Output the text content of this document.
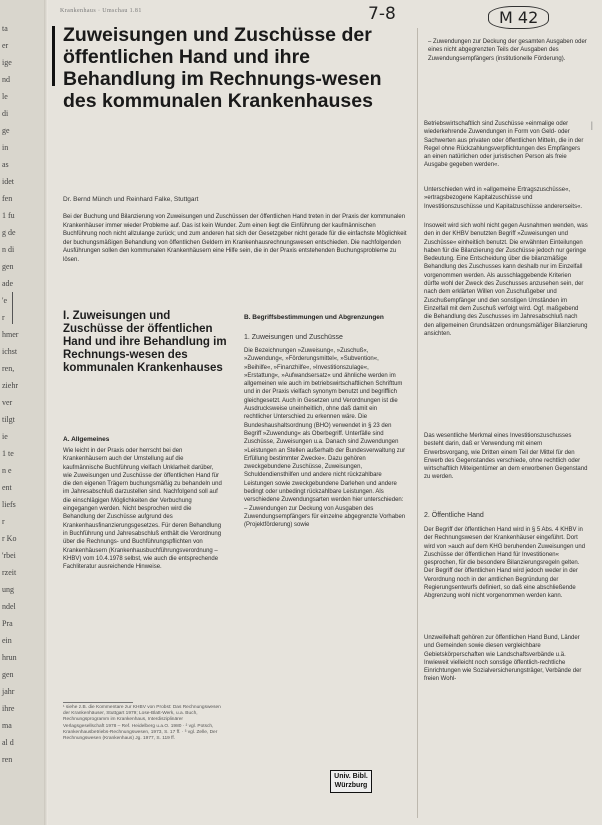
ta
er
ige
nd
le
di
ge
in
as
idet
fen
1 fu
g de
n di
gen
ade
'e
r
hmer
ichst
ren,
ziehr
ver
tilgt
ie
1 te
n e
ent
liefs
r
r Ko
'rbei
rzeit
ung
ndel
Pra
ein
hrun
gen
jahr
ihre
ma
al d
ren
Krankenhaus · Umschau 1.81	7-8	M 42
Zuweisungen und Zuschüsse der öffentlichen Hand und ihre Behandlung im Rechnungs-wesen des kommunalen Krankenhauses
Dr. Bernd Münch und Reinhard Falke, Stuttgart

Bei der Buchung und Bilanzierung von Zuweisungen und Zuschüssen der öffentlichen Hand treten in der Praxis der kommunalen Krankenhäuser immer wieder Probleme auf. Das ist kein Wunder. Zum einen liegt die Einführung der kaufmännischen Buchführung noch nicht allzulange zurück; und zum anderen hat sich der Gesetzgeber nicht gerade für die einfachste Möglichkeit der buchungsmäßigen Behandlung von öffentlichen Geldern im Krankenhausrechnungswesen entschieden. Die nachfolgenden Ausführungen sollen den kommunalen Krankenhäusern eine Hilfe sein, die in der Praxis entstehenden Buchungsprobleme zu lösen.

I. Zuweisungen und Zuschüsse der öffentlichen Hand und ihre Behandlung im Rechnungs-wesen des kommunalen Krankenhauses
A. Allgemeines

Wie leicht in der Praxis oder herrscht bei den Krankenhäusern auch der Umstellung auf die kaufmännische Buchführung vielfach Unklarheit darüber, wie Zuweisungen und Zuschüsse der öffentlichen Hand für die den eigenen Trägern buchungsmäßig zu behandeln und im Jahresabschluß darzustellen sind. Nachfolgend soll auf die einschlägigen Möglichkeiten der Verbuchung eingegangen werden. Nicht besprochen wird die Behandlung der Zuschüsse aufgrund des Krankenhausfinanzierungsgesetzes. Für deren Behandlung in Buchführung und Jahresabschluß enthält die Verordnung über die Rechnungs- und Buchführungspflichten von Krankenhäusern (Krankenhausbuchführungsverordnung – KHBV) vom 10.4.1978 selbst, wie auch die entsprechende Fachliteratur ausreichende Hinweise.

¹ siehe z.B. die Kommentare zur KHBV von Probst: Das Rechnungswesen der Krankenhäuser, Stuttgart 1979; Lose-Blatt-Werk, u.a. Buch, Rechnungsprogramm im Krankenhaus, Interdisziplinärer Verlagsgesellschaft 1978 – Ref. Heidelberg u.a.O. 1980 · ² vgl. Potsch, Krankenhausbetriebs-Rechnungswesen, 1973, S. 17 ff. · ³ vgl. Zelle, Der Rechnungswesen (Krankenhaus) Jg. 1977, S. 119 ff.

B. Begriffsbestimmungen und Abgrenzungen
1. Zuweisungen und Zuschüsse

Die Bezeichnungen »Zuweisung«, »Zuschuß«, »Zuwendung«, »Förderungsmittel«, »Subvention«, »Beihilfe«, »Finanzhilfe«, »Investitionszulage«, »Erstattung«, »Aufwandsersatz« und ähnliche werden im allgemeinen wie auch im betriebswirtschaftlichen Schrifttum und in der Praxis vielfach synonym benutzt und begrifflich gleichgesetzt. Auch in Gesetzen und Verordnungen ist die Ausdrucksweise uneinheitlich, ohne daß damit ein rechtlicher Unterschied zu erkennen wäre. Die Bundeshaushaltsordnung (BHO) verwendet in § 23 den Begriff »Zuwendung« als Oberbegriff. Unterfälle sind Zuschüsse, Zuweisungen u.a. Danach sind Zuwendungen »Leistungen an Stellen außerhalb der Bundesverwaltung zur Erfüllung bestimmter Zwecke«. Dazu gehören zweckgebundene Zuschüsse, Zuweisungen, Schuldendiensthilfen und andere nicht rückzahlbare Leistungen sowie zweckgebundene Darlehen und andere bedingt oder unbedingt rückzahlbare Leistungen. Als verschiedene Zuwendungsarten werden hier unterschieden: – Zuwendungen zur Deckung von Ausgaben des Zuwendungsempfängers für einzelne abgegrenzte Vorhaben (Projektförderung) sowie

Univ. Bibl.
Würzburg

– Zuwendungen zur Deckung der gesamten Ausgaben oder eines nicht abgegrenzten Teils der Ausgaben des Zuwendungsempfängers (institutionelle Förderung).

Betriebswirtschaftlich sind Zuschüsse »einmalige oder wiederkehrende Zuwendungen in Form von Geld- oder Sachwerten aus privaten oder öffentlichen Mitteln, die in der Regel ohne Rückzahlungsverpflichtungen des Empfängers an einen natürlichen oder juristischen Person als freie Ausgabe gegeben werden«.

Unterschieden wird in »allgemeine Ertragszuschüsse«, »ertragsbezogene Kapitalzuschüsse und Investitionszuschüsse und Kapitalzuschüsse andererseits«.

Insoweit wird sich wohl nicht gegen Ausnahmen wenden, was den in der KHBV benutzten Begriff »Zuweisungen und Zuschüsse« einheitlich benutzt. Die erwähnten Einteilungen haben für die Bilanzierung der Zuschüsse jedoch nur geringe Bedeutung. Eine Entscheidung über die bilanzmäßige Behandlung des Zuschusses kann deshalb nur im Einzelfall vorgenommen werden. Als ausschlaggebende Kriterien dürfte wohl der Zweck des Zuschusses anzusehen sein, der nach dem erklärten Willen von Zuschußgeber und Zuschußempfänger und den sonstigen Umständen im Einzelfall mit dem Zuschuß verfolgt wird. Ogf. maßgebend die Behandlung des Zuschusses im Jahresabschluß nach den allgemeinen Grundsätzen ordnungsmäßiger Bilanzierung ansichten.

Das wesentliche Merkmal eines Investitionszuschusses besteht darin, daß er Verwendung mit einem Erwerbsvorgang, wie Dritten einem Teil der Mittel für den Erwerb des Gegenstandes verschiede, ohne rechtlich oder wirtschaftlich Miteigentümer an dem erworbenen Gegenstand zu werden.

2. Öffentliche Hand

Der Begriff der öffentlichen Hand wird in § 5 Abs. 4 KHBV in der Rechnungswesen der Krankenhäuser eingeführt. Dort wird von »auch auf dem KHG beruhenden Zuweisungen und Zuschüsse der öffentlichen Hand für Investitionen« gesprochen, für die besondere Bilanzierungsregeln gelten. Der Begriff der öffentlichen Hand wird jedoch weder in der Verordnung noch in der amtlichen Begründung der Regierungsentwurfs definiert, so daß eine abschließende Abgrenzung wohl nicht vorgenommen werden kann.

Unzweifelhaft gehören zur öffentlichen Hand Bund, Länder und Gemeinden sowie diesen vergleichbare Gebietskörperschaften wie Landschaftsverbände u.ä. Inwieweit vielleicht noch sonstige öffentlich-rechtliche Einrichtungen wie Sozialversicherungsträger, Verbände der freien Wohl-

|
